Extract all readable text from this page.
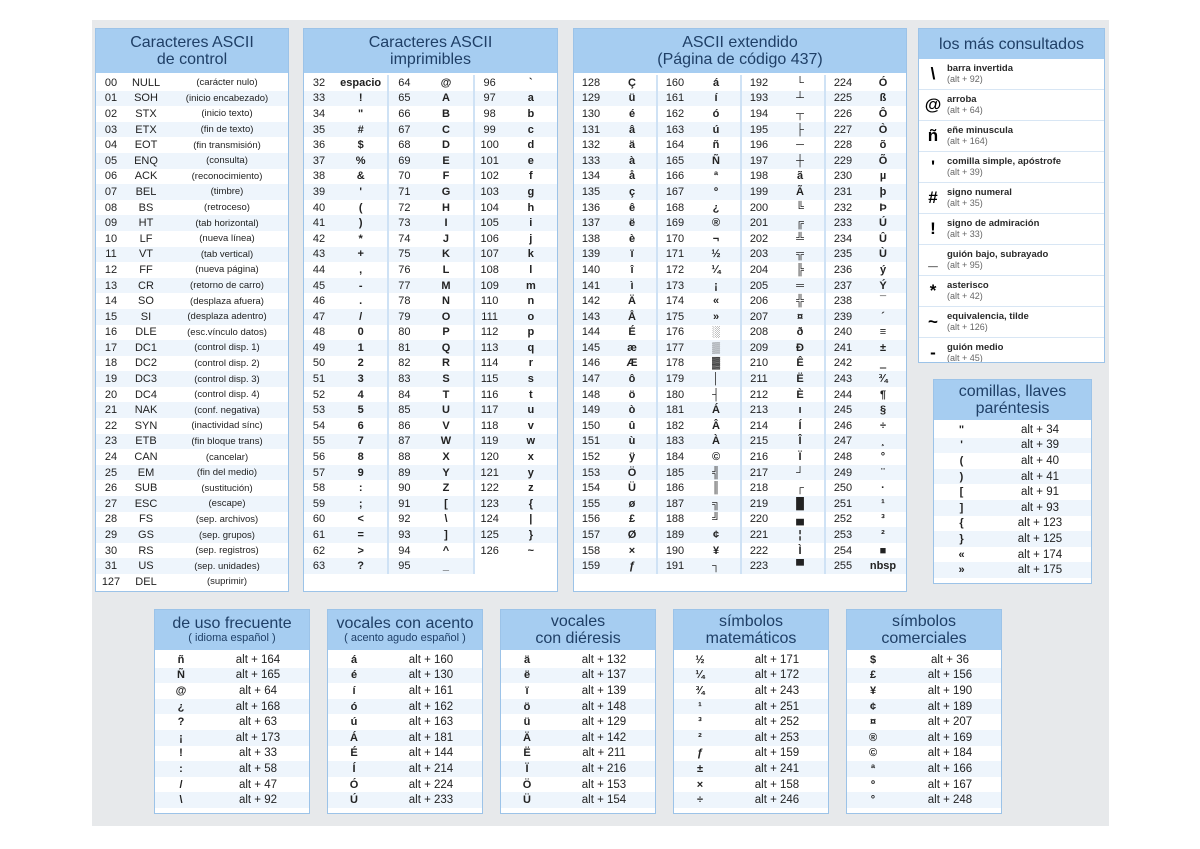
Caracteres ASCII
de control
00	NULL	(carácter nulo)
01	SOH	(inicio encabezado)
02	STX	(inicio texto)
03	ETX	(fin de texto)
04	EOT	(fin transmisión)
05	ENQ	(consulta)
06	ACK	(reconocimiento)
07	BEL	(timbre)
08	BS	(retroceso)
09	HT	(tab horizontal)
10	LF	(nueva línea)
11	VT	(tab vertical)
12	FF	(nueva página)
13	CR	(retorno de carro)
14	SO	(desplaza afuera)
15	SI	(desplaza adentro)
16	DLE	(esc.vínculo datos)
17	DC1	(control disp. 1)
18	DC2	(control disp. 2)
19	DC3	(control disp. 3)
20	DC4	(control disp. 4)
21	NAK	(conf. negativa)
22	SYN	(inactividad sínc)
23	ETB	(fin bloque trans)
24	CAN	(cancelar)
25	EM	(fin del medio)
26	SUB	(sustitución)
27	ESC	(escape)
28	FS	(sep. archivos)
29	GS	(sep. grupos)
30	RS	(sep. registros)
31	US	(sep. unidades)
127	DEL	(suprimir)
Caracteres ASCII
imprimibles
32	espacio
33	!
34	"
35	#
36	$
37	%
38	&
39	'
40	(
41	)
42	*
43	+
44	,
45	-
46	.
47	/
48	0
49	1
50	2
51	3
52	4
53	5
54	6
55	7
56	8
57	9
58	:
59	;
60	<
61	=
62	>
63	?
64	@
65	A
66	B
67	C
68	D
69	E
70	F
71	G
72	H
73	I
74	J
75	K
76	L
77	M
78	N
79	O
80	P
81	Q
82	R
83	S
84	T
85	U
86	V
87	W
88	X
89	Y
90	Z
91	[
92	\
93	]
94	^
95	_
96	`
97	a
98	b
99	c
100	d
101	e
102	f
103	g
104	h
105	i
106	j
107	k
108	l
109	m
110	n
111	o
112	p
113	q
114	r
115	s
116	t
117	u
118	v
119	w
120	x
121	y
122	z
123	{
124	|
125	}
126	~
ASCII extendido
(Página de código 437)
128	Ç
129	ü
130	é
131	â
132	ä
133	à
134	å
135	ç
136	ê
137	ë
138	è
139	ï
140	î
141	ì
142	Ä
143	Å
144	É
145	æ
146	Æ
147	ô
148	ö
149	ò
150	û
151	ù
152	ÿ
153	Ö
154	Ü
155	ø
156	£
157	Ø
158	×
159	ƒ
160	á
161	í
162	ó
163	ú
164	ñ
165	Ñ
166	ª
167	º
168	¿
169	®
170	¬
171	½
172	¼
173	¡
174	«
175	»
176	░
177	▒
178	▓
179	│
180	┤
181	Á
182	Â
183	À
184	©
185	╣
186	║
187	╗
188	╝
189	¢
190	¥
191	┐
192	└
193	┴
194	┬
195	├
196	─
197	┼
198	ã
199	Ã
200	╚
201	╔
202	╩
203	╦
204	╠
205	═
206	╬
207	¤
208	ð
209	Ð
210	Ê
211	Ë
212	È
213	ı
214	Í
215	Î
216	Ï
217	┘
218	┌
219	█
220	▄
221	¦
222	Ì
223	▀
224	Ó
225	ß
226	Ô
227	Ò
228	õ
229	Õ
230	µ
231	þ
232	Þ
233	Ú
234	Û
235	Ù
236	ý
237	Ý
238	¯
239	´
240	≡
241	±
242	‗
243	¾
244	¶
245	§
246	÷
247	¸
248	°
249	¨
250	·
251	¹
252	³
253	²
254	■
255	nbsp
los más consultados
\	barra invertida
(alt + 92)
@ arroba
(alt + 64)
ñ eñe minuscula
(alt + 164)
'	comilla simple, apóstrofe
(alt + 39)
# signo numeral
(alt + 35)
!	signo de admiración
(alt + 33)
_ guión bajo, subrayado
(alt + 95)
*	asterisco
(alt + 42)
~ equivalencia, tilde
(alt + 126)
-	guión medio
(alt + 45)
comillas, llaves
paréntesis
"	alt + 34
'	alt + 39
(	alt + 40
)	alt + 41
[	alt + 91
]	alt + 93
{	alt + 123
}	alt + 125
«	alt + 174
»	alt + 175
de uso frecuente
( idioma español )
ñ	alt + 164
Ñ	alt + 165
@	alt + 64
¿	alt + 168
?	alt + 63
¡	alt + 173
!	alt + 33
:	alt + 58
/	alt + 47
\	alt + 92
vocales con acento
( acento agudo español )
á	alt + 160
é	alt + 130
í	alt + 161
ó	alt + 162
ú	alt + 163
Á	alt + 181
É	alt + 144
Í	alt + 214
Ó	alt + 224
Ú	alt + 233
vocales
con diéresis
ä	alt + 132
ë	alt + 137
ï	alt + 139
ö	alt + 148
ü	alt + 129
Ä	alt + 142
Ë	alt + 211
Ï	alt + 216
Ö	alt + 153
Ü	alt + 154
símbolos
matemáticos
½	alt + 171
¼	alt + 172
¾	alt + 243
¹	alt + 251
³	alt + 252
²	alt + 253
ƒ	alt + 159
±	alt + 241
×	alt + 158
÷	alt + 246
símbolos
comerciales
$	alt + 36
£	alt + 156
¥	alt + 190
¢	alt + 189
¤	alt + 207
®	alt + 169
©	alt + 184
ª	alt + 166
º	alt + 167
°	alt + 248
